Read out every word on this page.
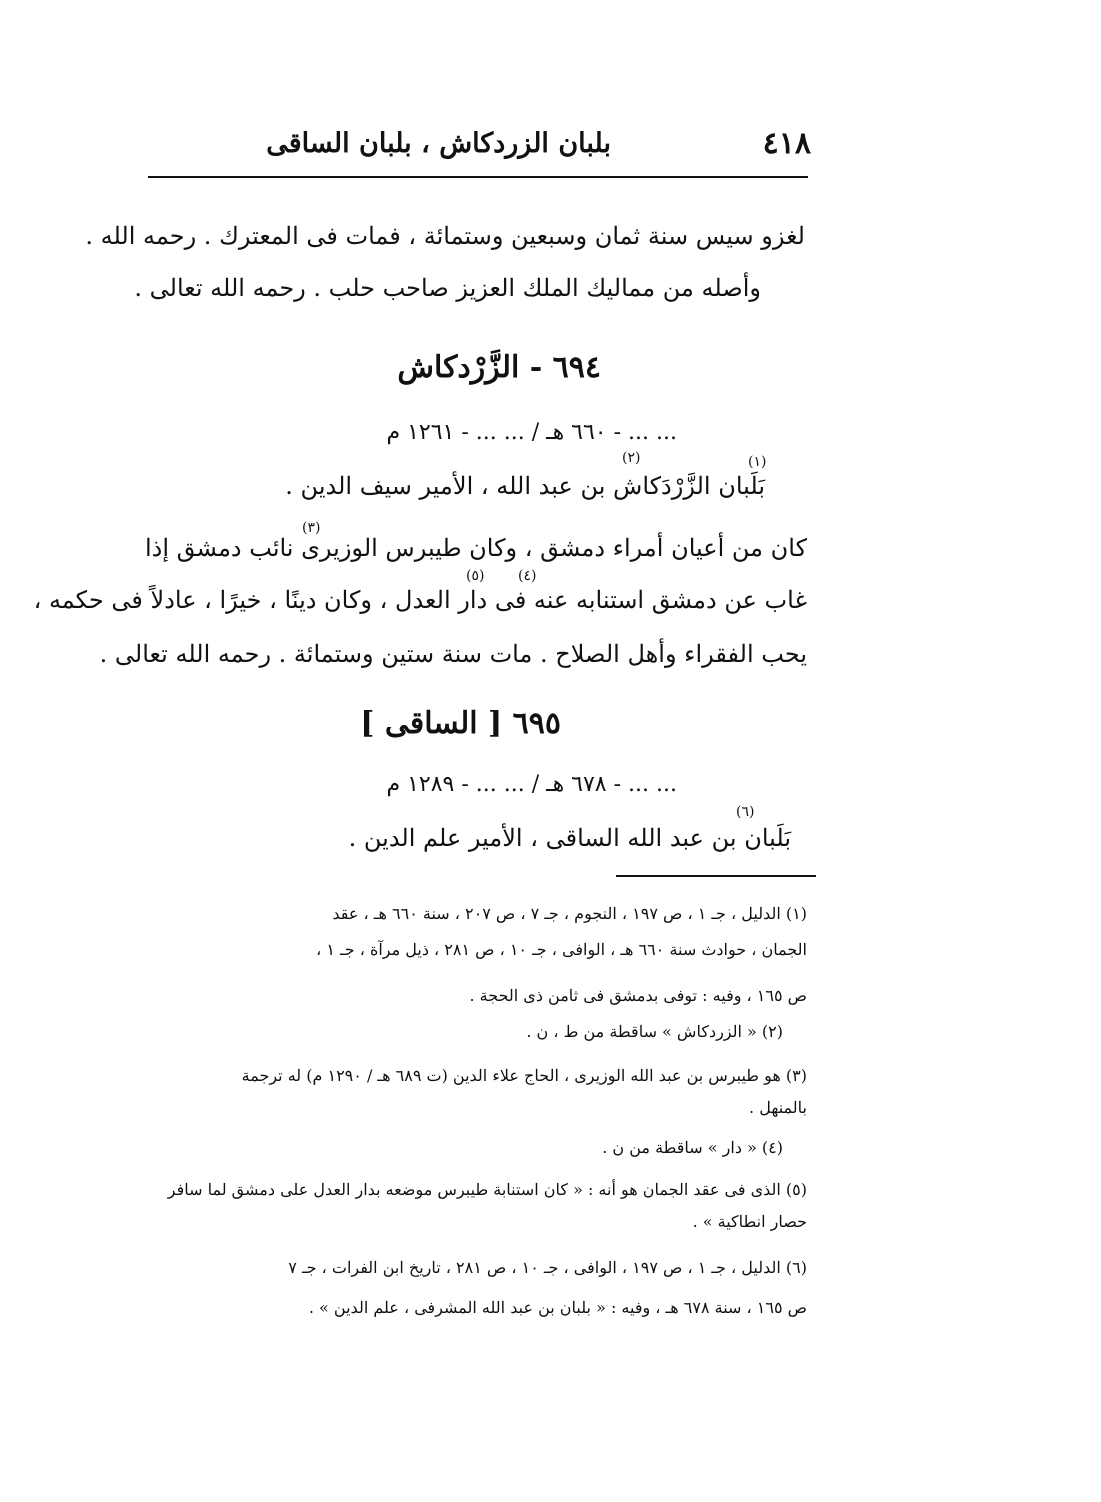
بلبان الزردكاش ، بلبان الساقى	٤١٨
لغزو سيس سنة ثمان وسبعين وستمائة ، فمات فى المعترك . رحمه الله .
وأصله من مماليك الملك العزيز صاحب حلب . رحمه الله تعالى .
٦٩٤ - الزَّرْدكاش
... ... - ٦٦٠ هـ / ... ... - ١٢٦١ م
(١)
(٢)
بَلَبان الزَّرْدَكاش بن عبد الله ، الأمير سيف الدين .
(٣)
كان من أعيان أمراء دمشق ، وكان طيبرس الوزيرى نائب دمشق إذا
(٤)
(٥)
غاب عن دمشق استنابه عنه فى دار العدل ، وكان دينًا ، خيرًا ، عادلاً فى حكمه ،
يحب الفقراء وأهل الصلاح . مات سنة ستين وستمائة . رحمه الله تعالى .
٦٩٥ [ الساقى ]
... ... - ٦٧٨ هـ / ... ... - ١٢٨٩ م
(٦)
بَلَبان بن عبد الله الساقى ، الأمير علم الدين .
(١) الدليل ، جـ ١ ، ص ١٩٧ ، النجوم ، جـ ٧ ، ص ٢٠٧ ، سنة ٦٦٠ هـ ، عقد
الجمان ، حوادث سنة ٦٦٠ هـ ، الوافى ، جـ ١٠ ، ص ٢٨١ ، ذيل مرآة ، جـ ١ ،
ص ١٦٥ ، وفيه : توفى بدمشق فى ثامن ذى الحجة .
(٢) « الزردكاش » ساقطة من ط ، ن .
(٣) هو طيبرس بن عبد الله الوزيرى ، الحاج علاء الدين (ت ٦٨٩ هـ / ١٢٩٠ م) له ترجمة
بالمنهل .
(٤) « دار » ساقطة من ن .
(٥) الذى فى عقد الجمان هو أنه : « كان استنابة طيبرس موضعه بدار العدل على دمشق لما سافر
حصار انطاكية » .
(٦) الدليل ، جـ ١ ، ص ١٩٧ ، الوافى ، جـ ١٠ ، ص ٢٨١ ، تاريخ ابن الفرات ، جـ ٧
ص ١٦٥ ، سنة ٦٧٨ هـ ، وفيه : « بلبان بن عبد الله المشرفى ، علم الدين » .
